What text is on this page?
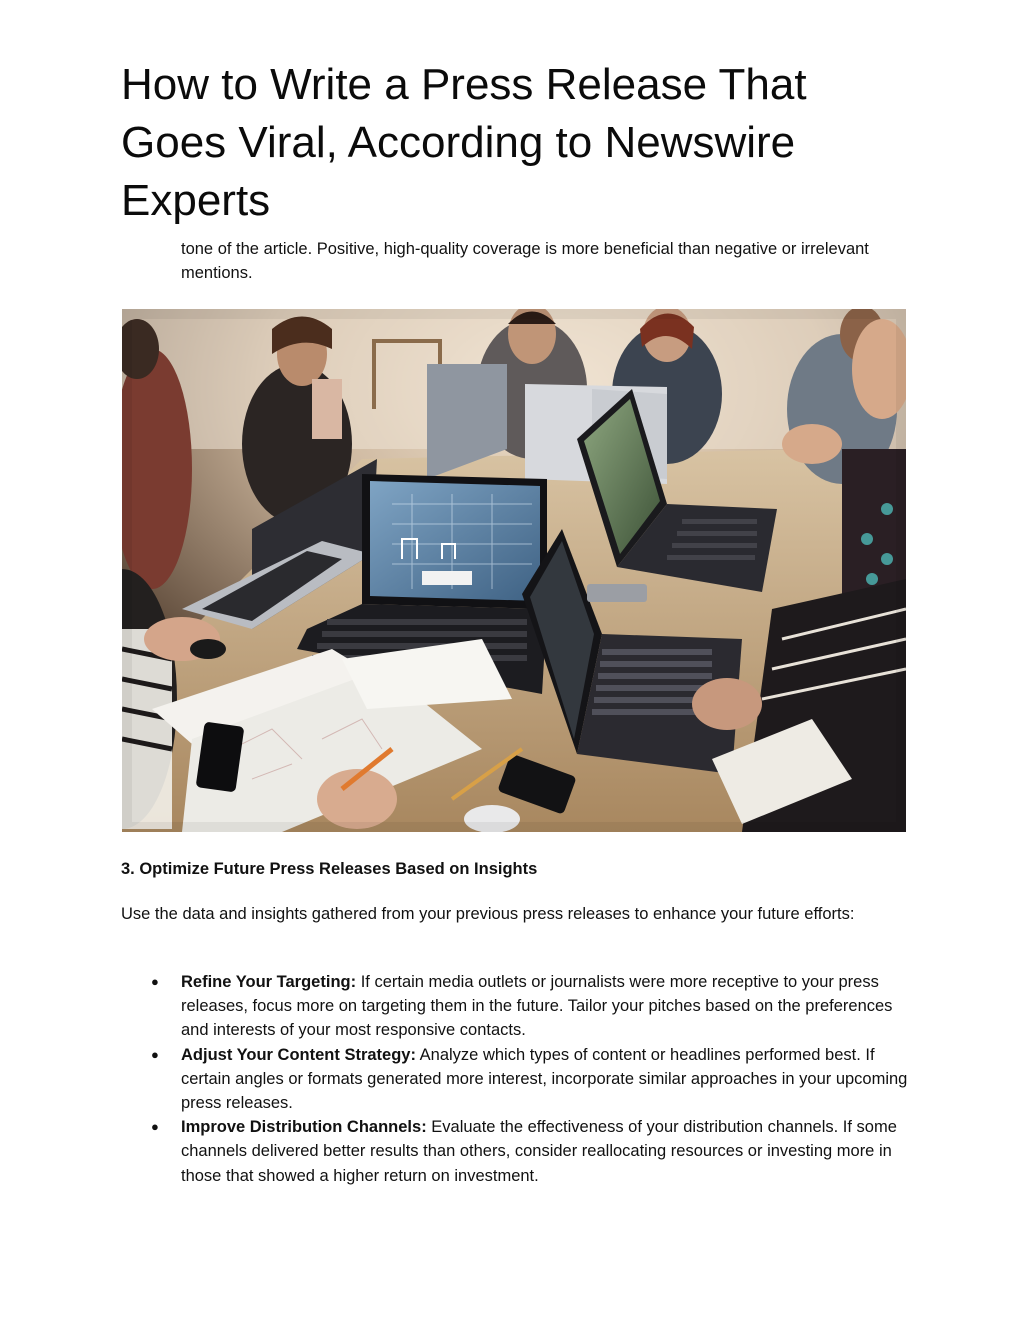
How to Write a Press Release That Goes Viral, According to Newswire Experts

tone of the article. Positive, high-quality coverage is more beneficial than negative or irrelevant mentions.

3. Optimize Future Press Releases Based on Insights

Use the data and insights gathered from your previous press releases to enhance your future efforts:

● Refine Your Targeting: If certain media outlets or journalists were more receptive to your press releases, focus more on targeting them in the future. Tailor your pitches based on the preferences and interests of your most responsive contacts.
● Adjust Your Content Strategy: Analyze which types of content or headlines performed best. If certain angles or formats generated more interest, incorporate similar approaches in your upcoming press releases.
● Improve Distribution Channels: Evaluate the effectiveness of your distribution channels. If some channels delivered better results than others, consider reallocating resources or investing more in those that showed a higher return on investment.
